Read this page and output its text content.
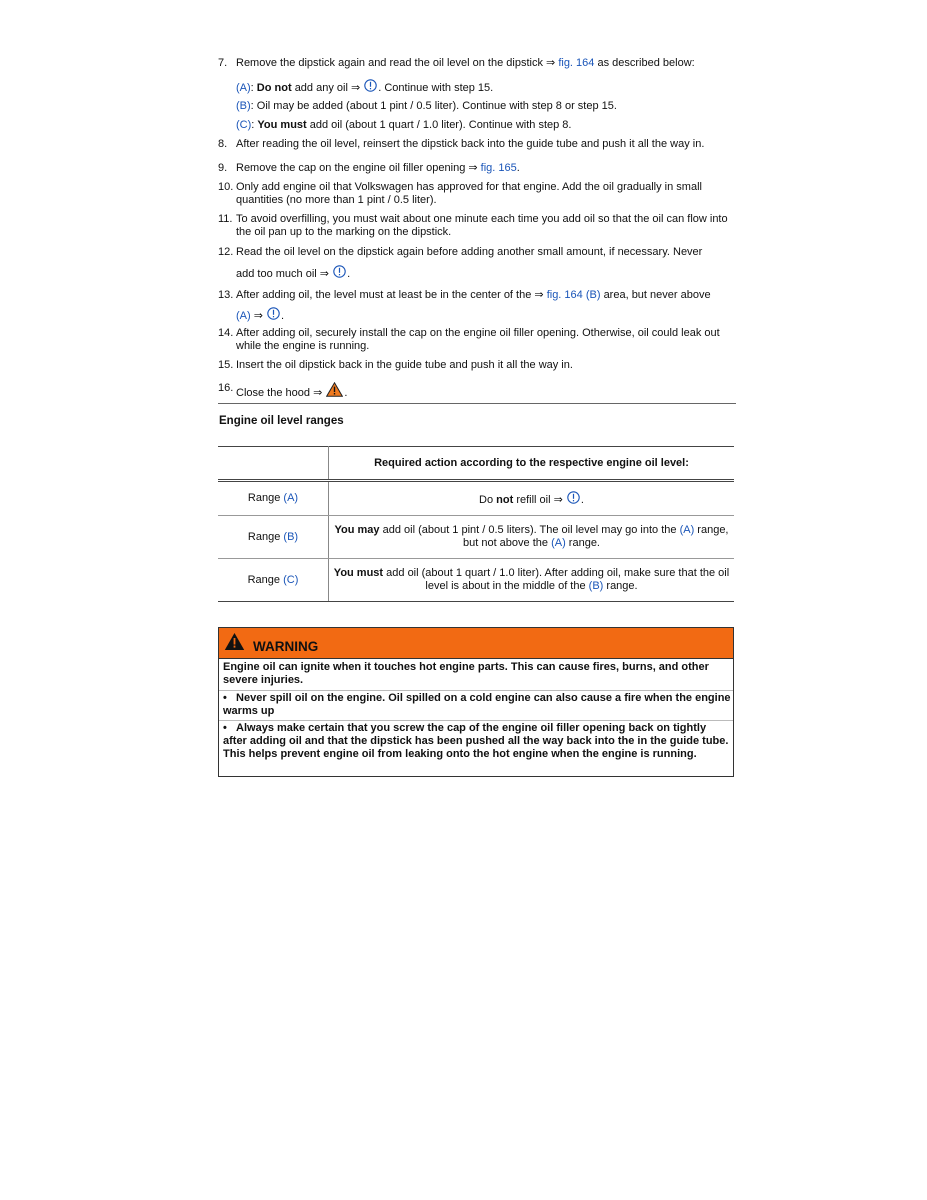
7. Remove the dipstick again and read the oil level on the dipstick ⇒ fig. 164 as described below:
(A): Do not add any oil ⇒ . Continue with step 15.
(B): Oil may be added (about 1 pint / 0.5 liter). Continue with step 8 or step 15.
(C): You must add oil (about 1 quart / 1.0 liter). Continue with step 8.
8. After reading the oil level, reinsert the dipstick back into the guide tube and push it all the way in.
9. Remove the cap on the engine oil filler opening ⇒ fig. 165.
10. Only add engine oil that Volkswagen has approved for that engine. Add the oil gradually in small quantities (no more than 1 pint / 0.5 liter).
11. To avoid overfilling, you must wait about one minute each time you add oil so that the oil can flow into the oil pan up to the marking on the dipstick.
12. Read the oil level on the dipstick again before adding another small amount, if necessary. Never
add too much oil ⇒ .
13. After adding oil, the level must at least be in the center of the ⇒ fig. 164 (B) area, but never above
(A) ⇒ .
14. After adding oil, securely install the cap on the engine oil filler opening. Otherwise, oil could leak out while the engine is running.
15. Insert the oil dipstick back in the guide tube and push it all the way in.
16. Close the hood ⇒ .
Engine oil level ranges
	Required action according to the respective engine oil level:
Range (A)	Do not refill oil ⇒ .
Range (B)	You may add oil (about 1 pint / 0.5 liters). The oil level may go into the (A) range, but not above the (A) range.
Range (C)	You must add oil (about 1 quart / 1.0 liter). After adding oil, make sure that the oil level is about in the middle of the (B) range.
WARNING
Engine oil can ignite when it touches hot engine parts. This can cause fires, burns, and other severe injuries.
• Never spill oil on the engine. Oil spilled on a cold engine can also cause a fire when the engine warms up
• Always make certain that you screw the cap of the engine oil filler opening back on tightly after adding oil and that the dipstick has been pushed all the way back into the in the guide tube. This helps prevent engine oil from leaking onto the hot engine when the engine is running.
